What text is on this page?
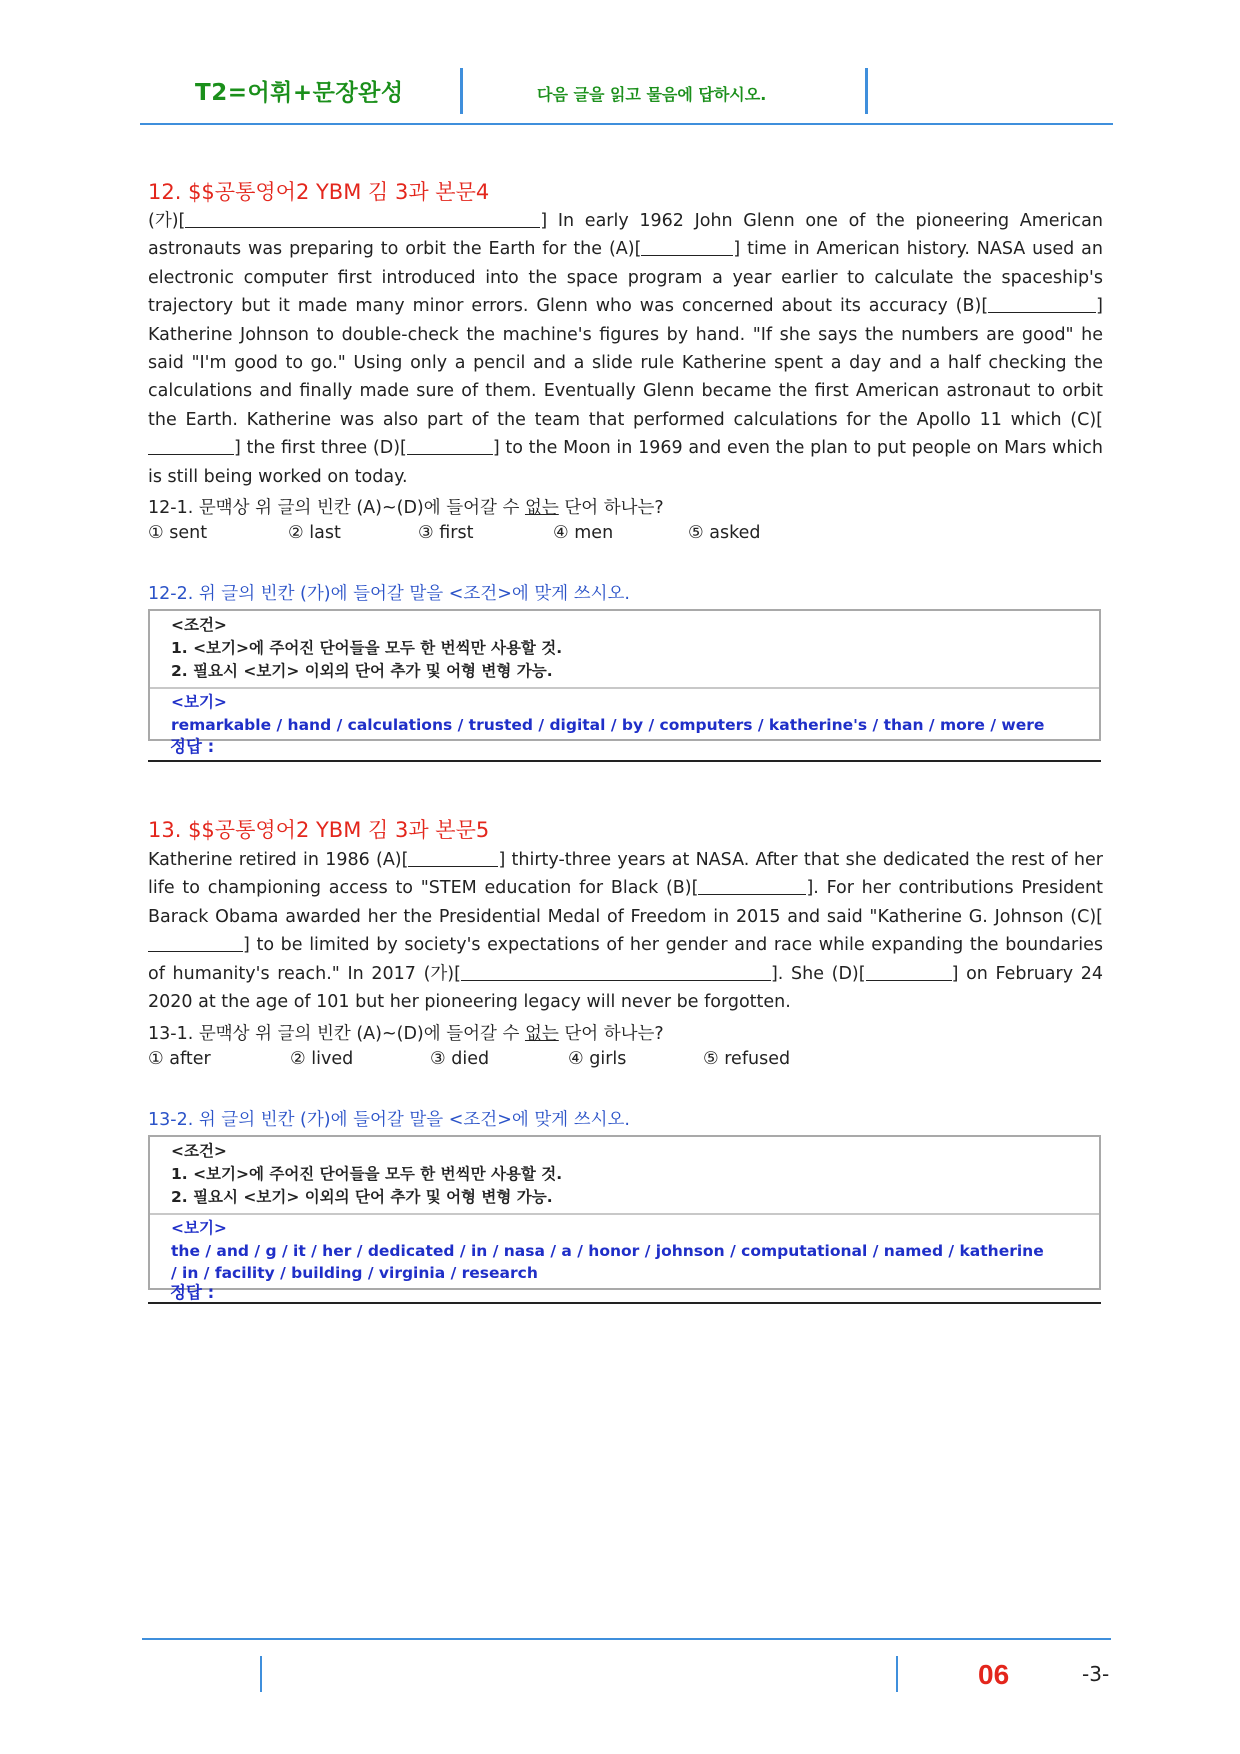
T2=어휘+문장완성	다음 글을 읽고 물음에 답하시오.
12. $$공통영어2 YBM 김 3과 본문4
(가)[	] In early 1962 John Glenn one of the pioneering American astronauts was preparing to orbit the Earth for the (A)[	] time in American history. NASA used an electronic computer first introduced into the space program a year earlier to calculate the spaceship's trajectory but it made many minor errors. Glenn who was concerned about its accuracy (B)[	] Katherine Johnson to double-check the machine's figures by hand. "If she says the numbers are good" he said "I'm good to go." Using only a pencil and a slide rule Katherine spent a day and a half checking the calculations and finally made sure of them. Eventually Glenn became the first American astronaut to orbit the Earth. Katherine was also part of the team that performed calculations for the Apollo 11 which (C)[] the first three (D)[	] to the Moon in 1969 and even the plan to put people on Mars which is still being worked on today.
12-1. 문맥상 위 글의 빈칸 (A)~(D)에 들어갈 수 없는 단어 하나는?
① sent	② last	③ first	④ men	⑤ asked
12-2. 위 글의 빈칸 (가)에 들어갈 말을 <조건>에 맞게 쓰시오.
<조건>
1. <보기>에 주어진 단어들을 모두 한 번씩만 사용할 것.
2. 필요시 <보기> 이외의 단어 추가 및 어형 변형 가능.
<보기>
remarkable / hand / calculations / trusted / digital / by / computers / katherine's / than / more / were
정답 :
13. $$공통영어2 YBM 김 3과 본문5
Katherine retired in 1986 (A)[	] thirty-three years at NASA. After that she dedicated the rest of her life to championing access to "STEM education for Black (B)[	]. For her contributions President Barack Obama awarded her the Presidential Medal of Freedom in 2015 and said "Katherine G. Johnson (C)[] to be limited by society's expectations of her gender and race while expanding the boundaries of humanity's reach." In 2017 (가)[	]. She (D)[	] on February 24 2020 at the age of 101 but her pioneering legacy will never be forgotten.
13-1. 문맥상 위 글의 빈칸 (A)~(D)에 들어갈 수 없는 단어 하나는?
① after	② lived	③ died	④ girls	⑤ refused
13-2. 위 글의 빈칸 (가)에 들어갈 말을 <조건>에 맞게 쓰시오.
<조건>
1. <보기>에 주어진 단어들을 모두 한 번씩만 사용할 것.
2. 필요시 <보기> 이외의 단어 추가 및 어형 변형 가능.
<보기>
the / and / g / it / her / dedicated / in / nasa / a / honor / johnson / computational / named / katherine
/ in / facility / building / virginia / research
정답 :
06	-3-
